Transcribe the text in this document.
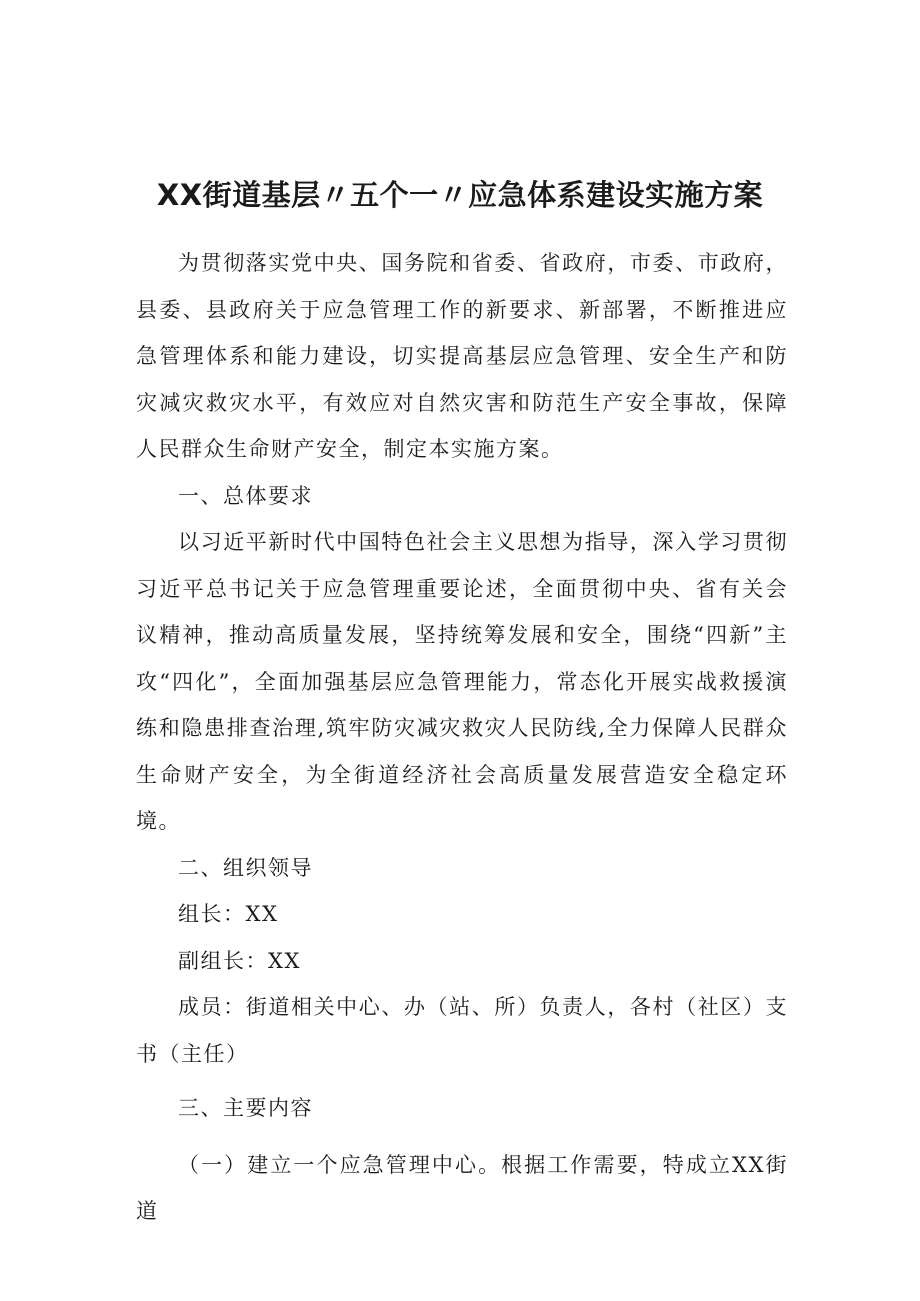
XX街道基层〃五个一〃应急体系建设实施方案

为贯彻落实党中央、国务院和省委、省政府，市委、市政府，县委、县政府关于应急管理工作的新要求、新部署，不断推进应急管理体系和能力建设，切实提高基层应急管理、安全生产和防灾减灾救灾水平，有效应对自然灾害和防范生产安全事故，保障人民群众生命财产安全，制定本实施方案。

一、总体要求

以习近平新时代中国特色社会主义思想为指导，深入学习贯彻习近平总书记关于应急管理重要论述，全面贯彻中央、省有关会议精神，推动高质量发展，坚持统筹发展和安全，围绕“四新”主攻“四化”，全面加强基层应急管理能力，常态化开展实战救援演练和隐患排查治理,筑牢防灾减灾救灾人民防线,全力保障人民群众生命财产安全，为全街道经济社会高质量发展营造安全稳定环境。

二、组织领导

组长：XX

副组长：XX

成员：街道相关中心、办（站、所）负责人，各村（社区）支书（主任）

三、主要内容

（一）建立一个应急管理中心。根据工作需要，特成立XX街道
